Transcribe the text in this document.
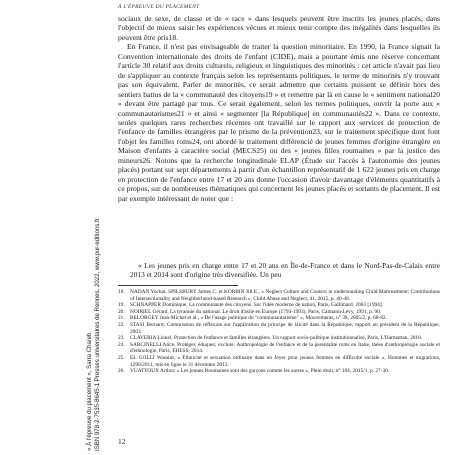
À L'ÉPREUVE DU PLACEMENT

sociaux de sexe, de classe et de « race » dans lesquels peuvent être inscrits les jeunes placés, dans l'objectif de mieux saisir les expériences vécues et mieux tenir compte des inégalités dans lesquelles ils peuvent être pris18.

En France, il n'est pas envisageable de traiter la question minoritaire. En 1990, la France signait la Convention internationale des droits de l'enfant (CIDE), mais a pourtant émis une réserve concernant l'article 30 relatif aux droits culturels, religieux et linguistiques des minorités : cet article n'avait pas lieu de s'appliquer au contexte français selon les représentants politiques, le terme de minorités n'y trouvant pas son équivalent. Parler de minorités, ce serait admettre que certains puissent se définir hors des sentiers battus de la « communauté des citoyens19 » et remettre par là en cause le « sentiment national20 » devant être partagé par tous. Ce serait également, selon les termes politiques, ouvrir la porte aux « communautarismes21 » et ainsi « segmenter [la République] en communautés22 ». Dans ce contexte, seules quelques rares recherches récentes ont travaillé sur le rapport aux services de protection de l'enfance de familles étrangères par le prisme de la prévention23, sur le traitement spécifique dont font l'objet les familles roms24, ont abordé le traitement différencié de jeunes femmes d'origine étrangère en Maison d'enfants à caractère social (MECS25) ou des « jeunes filles roumaines » par la justice des mineurs26. Notons que la recherche longitudinale ELAP (Étude sur l'accès à l'autonomie des jeunes placés) portant sur sept départements à partir d'un échantillon représentatif de 1 622 jeunes pris en charge en protection de l'enfance entre 17 et 20 ans donne l'occasion d'avoir davantage d'éléments quantitatifs à ce propos, sur de nombreuses thématiques qui concernent les jeunes placés et sortants de placement. Il est par exemple intéressant de noter que :

« Les jeunes pris en charge entre 17 et 20 ans en Île-de-France et dans le Nord-Pas-de-Calais entre 2013 et 2014 sont d'origine très diversifiée. Un peu

18. NADAN Yochai, SPILSBURY James C. et KORBIN Jill E., « Neglect Culture and Context in understanding Child Maltreatment: Contributions of Intersectionality and Neighborhood-based Research », Child Abuse and Neglect, 41, 2015, p. 40-48.
19. SCHNAPPER Dominique, La communauté des citoyens. Sur l'idée moderne de nation, Paris, Gallimard, 2003 [1994].
20. NOIRIEL Gérard, La tyrannie du national. Le droit d'asile en Europe (1793-1993), Paris, Calmann-Lévy, 1991, p. 90.
21. BELORGEY Jean-Michel et al., « De l'usage politique du "communautarisme" », Mouvements, n° 38, 2005/2, p. 68-82.
22. STASI Bernard, Commission de réflexion sur l'application du principe de laïcité dans la République, rapport au président de la République, 2003.
23. CLAVERIA Lionel, Protection de l'enfance et familles étrangères. Un rapport socio-politique institutionnalisé, Paris, L'Harmattan, 2018.
24. SARCINELLI Alice, Protéger, éduquer, exclure. Anthropologie de l'enfance et de la parentalité roms en Italie, thèse d'anthropologie sociale et d'ethnologie, Paris, EHESS, 2014.
25. EL GOLLI Wassim, « Ethnicité et sexuation ordinaire dans un foyer pour jeunes femmes en difficulté sociale », Hommes et migrations, 1290/2011, mis en ligne le 31 décembre 2013.
26. VUATTOUX Arthur, « Les jeunes Roumaines sont des garçons comme les autres », Plein droit, n° 104, 2015/1, p. 27-30.
12
« À l'épreuve du placement », Sarra Chaïeb ISBN 978-2-7535-8645-1 Presses universitaires de Rennes, 2022, www.pur-editions.fr
